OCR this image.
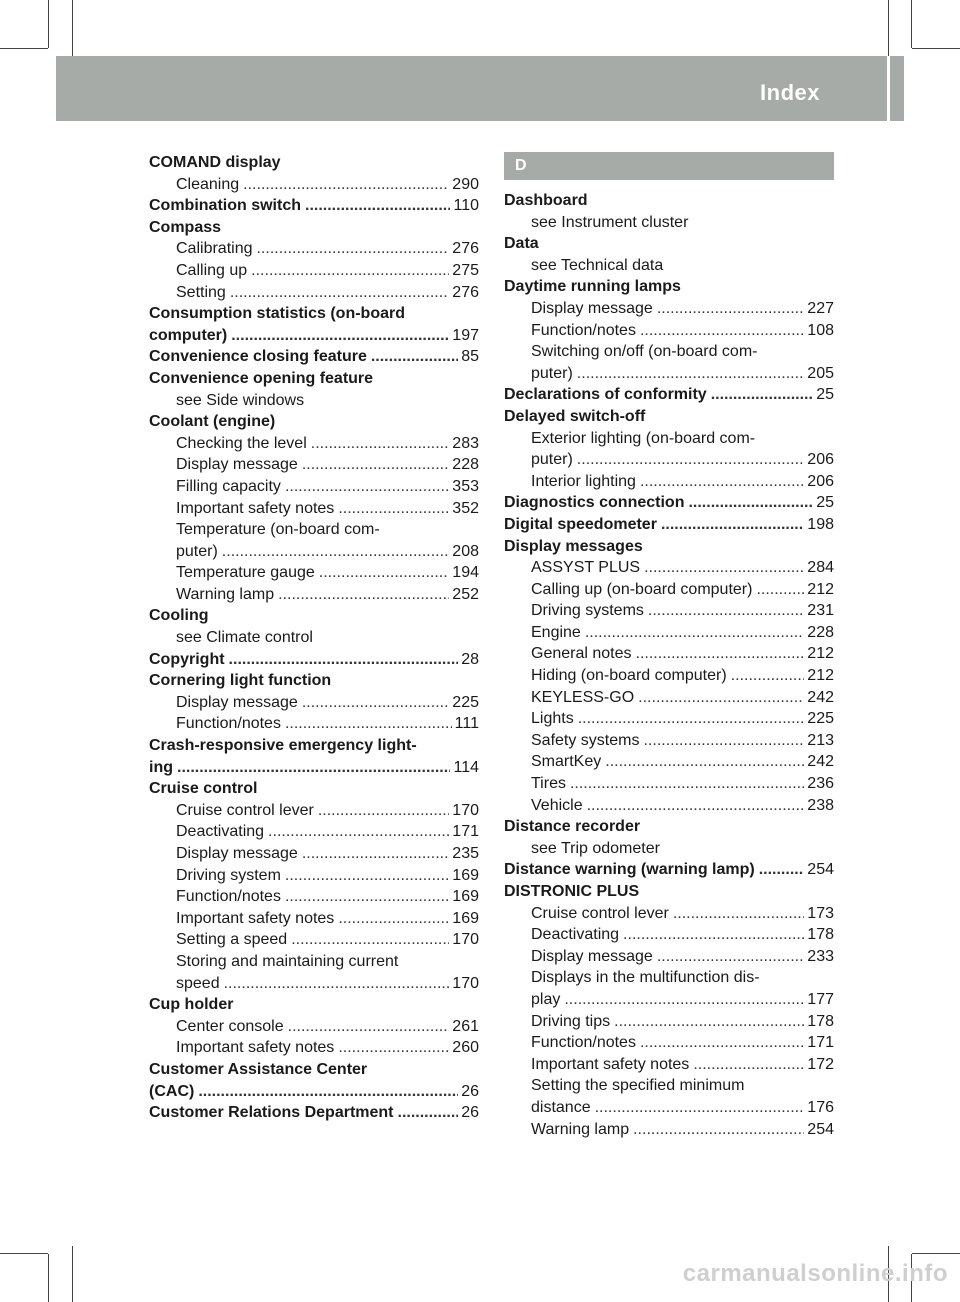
Index	7
COMAND display
Cleaning .....	290
Combination switch .....	110
Compass
Calibrating .....	276
Calling up .....	275
Setting .....	276
Consumption statistics (on-board
computer) .....	197
Convenience closing feature .....	85
Convenience opening feature
see Side windows
Coolant (engine)
Checking the level .....	283
Display message .....	228
Filling capacity .....	353
Important safety notes .....	352
Temperature (on-board com-
puter) .....	208
Temperature gauge .....	194
Warning lamp .....	252
Cooling
see Climate control
Copyright .....	28
Cornering light function
Display message .....	225
Function/notes .....	111
Crash-responsive emergency light-
ing .....	114
Cruise control
Cruise control lever .....	170
Deactivating .....	171
Display message .....	235
Driving system .....	169
Function/notes .....	169
Important safety notes .....	169
Setting a speed .....	170
Storing and maintaining current
speed .....	170
Cup holder
Center console .....	261
Important safety notes .....	260
Customer Assistance Center
(CAC) .....	26
Customer Relations Department .....	26
D
Dashboard
see Instrument cluster
Data
see Technical data
Daytime running lamps
Display message .....	227
Function/notes .....	108
Switching on/off (on-board com-
puter) .....	205
Declarations of conformity .....	25
Delayed switch-off
Exterior lighting (on-board com-
puter) .....	206
Interior lighting .....	206
Diagnostics connection .....	25
Digital speedometer .....	198
Display messages
ASSYST PLUS .....	284
Calling up (on-board computer) .....	212
Driving systems .....	231
Engine .....	228
General notes .....	212
Hiding (on-board computer) .....	212
KEYLESS-GO .....	242
Lights .....	225
Safety systems .....	213
SmartKey .....	242
Tires .....	236
Vehicle .....	238
Distance recorder
see Trip odometer
Distance warning (warning lamp) .....	254
DISTRONIC PLUS
Cruise control lever .....	173
Deactivating .....	178
Display message .....	233
Displays in the multifunction dis-
play .....	177
Driving tips .....	178
Function/notes .....	171
Important safety notes .....	172
Setting the specified minimum
distance .....	176
Warning lamp .....	254
carmanualsonline.info
